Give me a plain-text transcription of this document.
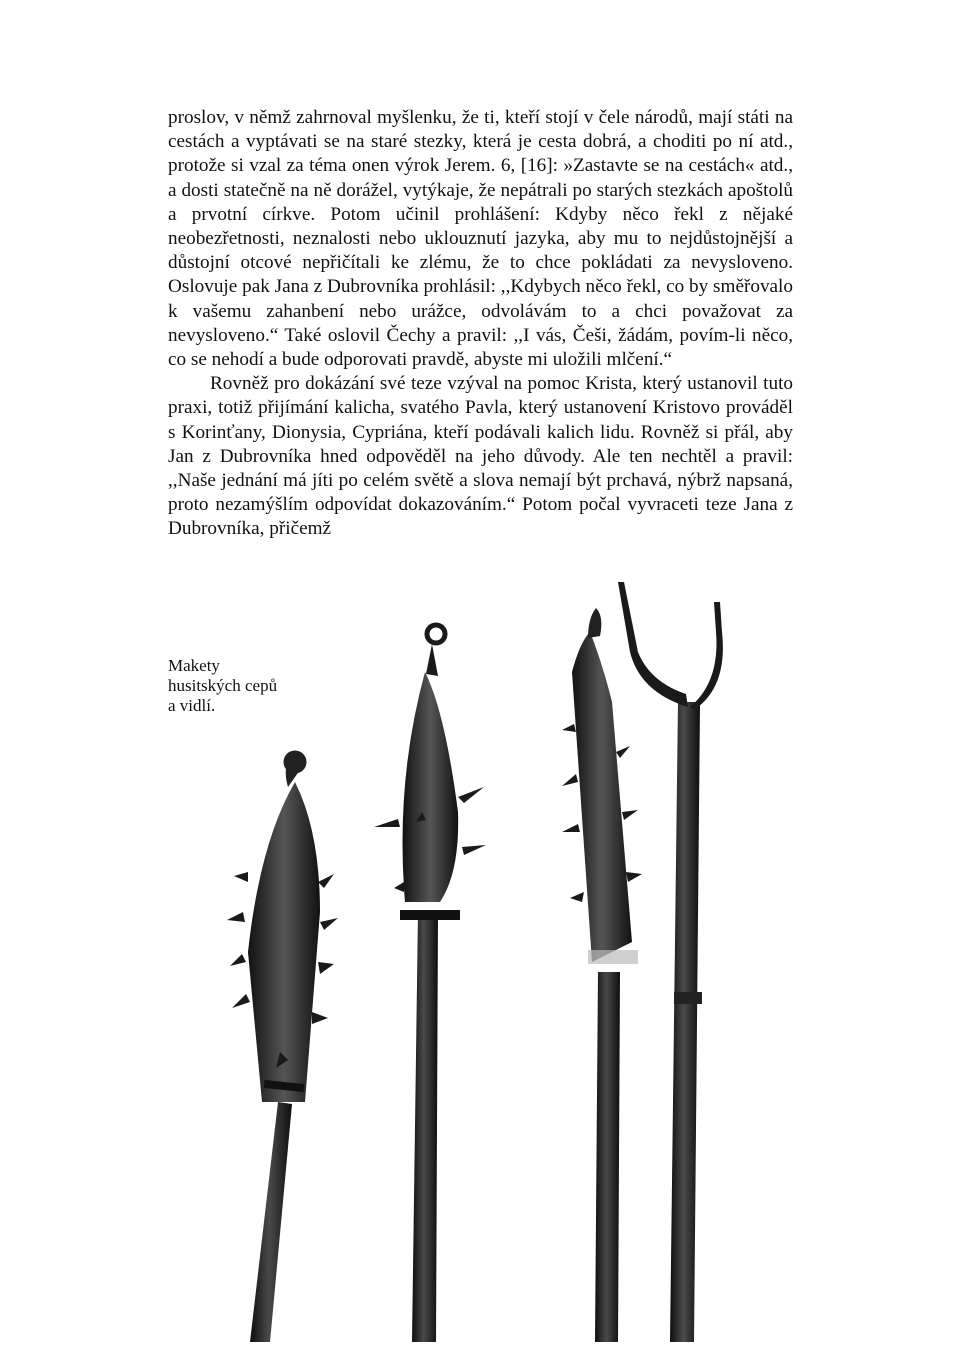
proslov, v němž zahrnoval myšlenku, že ti, kteří stojí v čele národů, mají státi na cestách a vyptávati se na staré stezky, která je cesta dobrá, a choditi po ní atd., protože si vzal za téma onen výrok Jerem. 6, [16]: »Zastavte se na cestách« atd., a dosti statečně na ně dorážel, vytýkaje, že nepátrali po starých stezkách apoštolů a prvotní církve. Potom učinil prohlášení: Kdyby něco řekl z nějaké neobezřetnosti, neznalosti nebo uklouznutí jazyka, aby mu to nejdůstojnější a důstojní otcové nepřičítali ke zlému, že to chce pokládati za nevysloveno. Oslovuje pak Jana z Dubrovníka prohlásil: ,,Kdybych něco řekl, co by směřovalo k vašemu zahanbení nebo urážce, odvolávám to a chci považovat za nevysloveno.“ Také oslovil Čechy a pravil: ,,I vás, Češi, žádám, povím-li něco, co se nehodí a bude odporovati pravdě, abyste mi uložili mlčení.“

Rovněž pro dokázání své teze vzýval na pomoc Krista, který ustanovil tuto praxi, totiž přijímání kalicha, svatého Pavla, který ustanovení Kristovo prováděl s Korinťany, Dionysia, Cypriána, kteří podávali kalich lidu. Rovněž si přál, aby Jan z Dubrovníka hned odpověděl na jeho důvody. Ale ten nechtěl a pravil: ,,Naše jednání má jíti po celém světě a slova nemají být prchavá, nýbrž napsaná, proto nezamýšlím odpovídat dokazováním.“ Potom počal vyvraceti teze Jana z Dubrovníka, přičemž

Makety
husitských cepů
a vidlí.
